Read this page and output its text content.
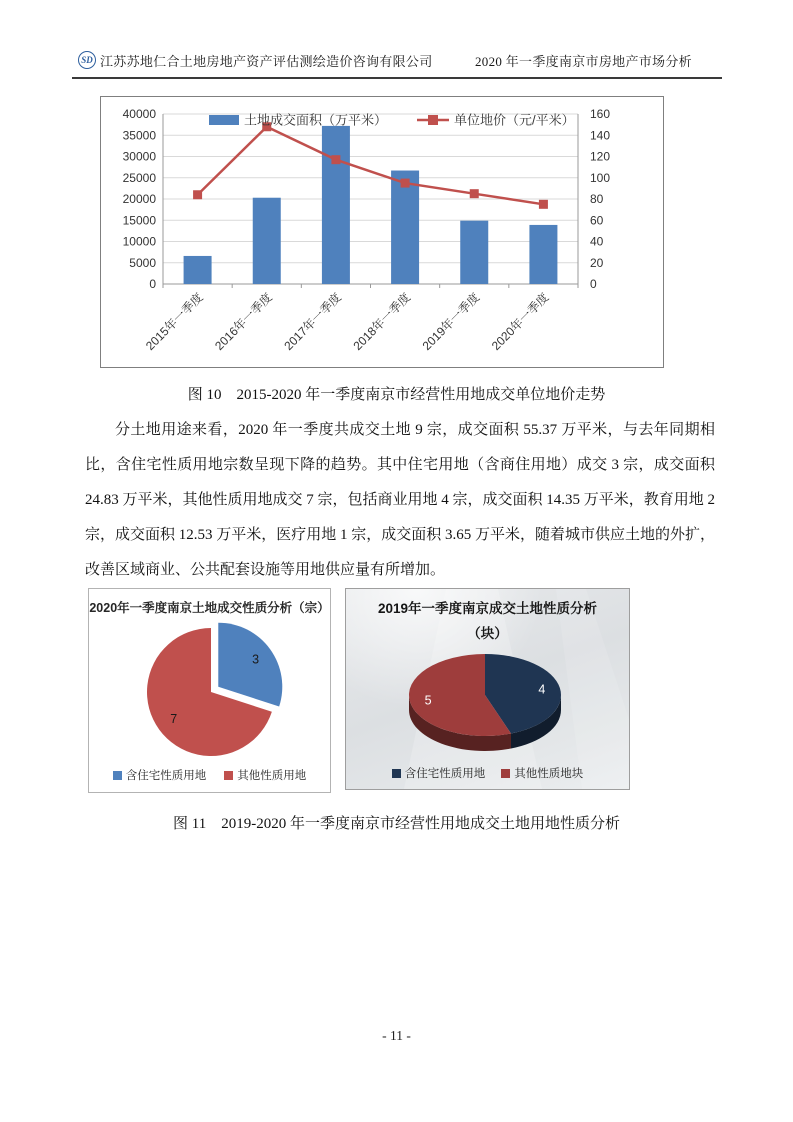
SD 江苏苏地仁合土地房地产资产评估测绘造价咨询有限公司	2020 年一季度南京市房地产市场分析
0
5000
10000
15000
20000
25000
30000
35000
40000
0
20
40
60
80
100
120
140
160
2015年一季度 2016年一季度 2017年一季度 2018年一季度 2019年一季度 2020年一季度
土地成交面积（万平米）	单位地价（元/平米）
图 10　2015-2020 年一季度南京市经营性用地成交单位地价走势
分土地用途来看，2020 年一季度共成交土地 9 宗，成交面积 55.37 万平米，与去年同期相比，含住宅性质用地宗数呈现下降的趋势。其中住宅用地（含商住用地）成交 3 宗，成交面积 24.83 万平米，其他性质用地成交 7 宗，包括商业用地 4 宗，成交面积 14.35 万平米，教育用地 2 宗，成交面积 12.53 万平米，医疗用地 1 宗，成交面积 3.65 万平米，随着城市供应土地的外扩，改善区域商业、公共配套设施等用地供应量有所增加。
2020年一季度南京土地成交性质分析（宗）
3
7
含住宅性质用地	其他性质用地
4
5
2019年一季度南京成交土地性质分析
（块）
含住宅性质用地	其他性质地块
图 11　2019-2020 年一季度南京市经营性用地成交土地用地性质分析
- 11 -
